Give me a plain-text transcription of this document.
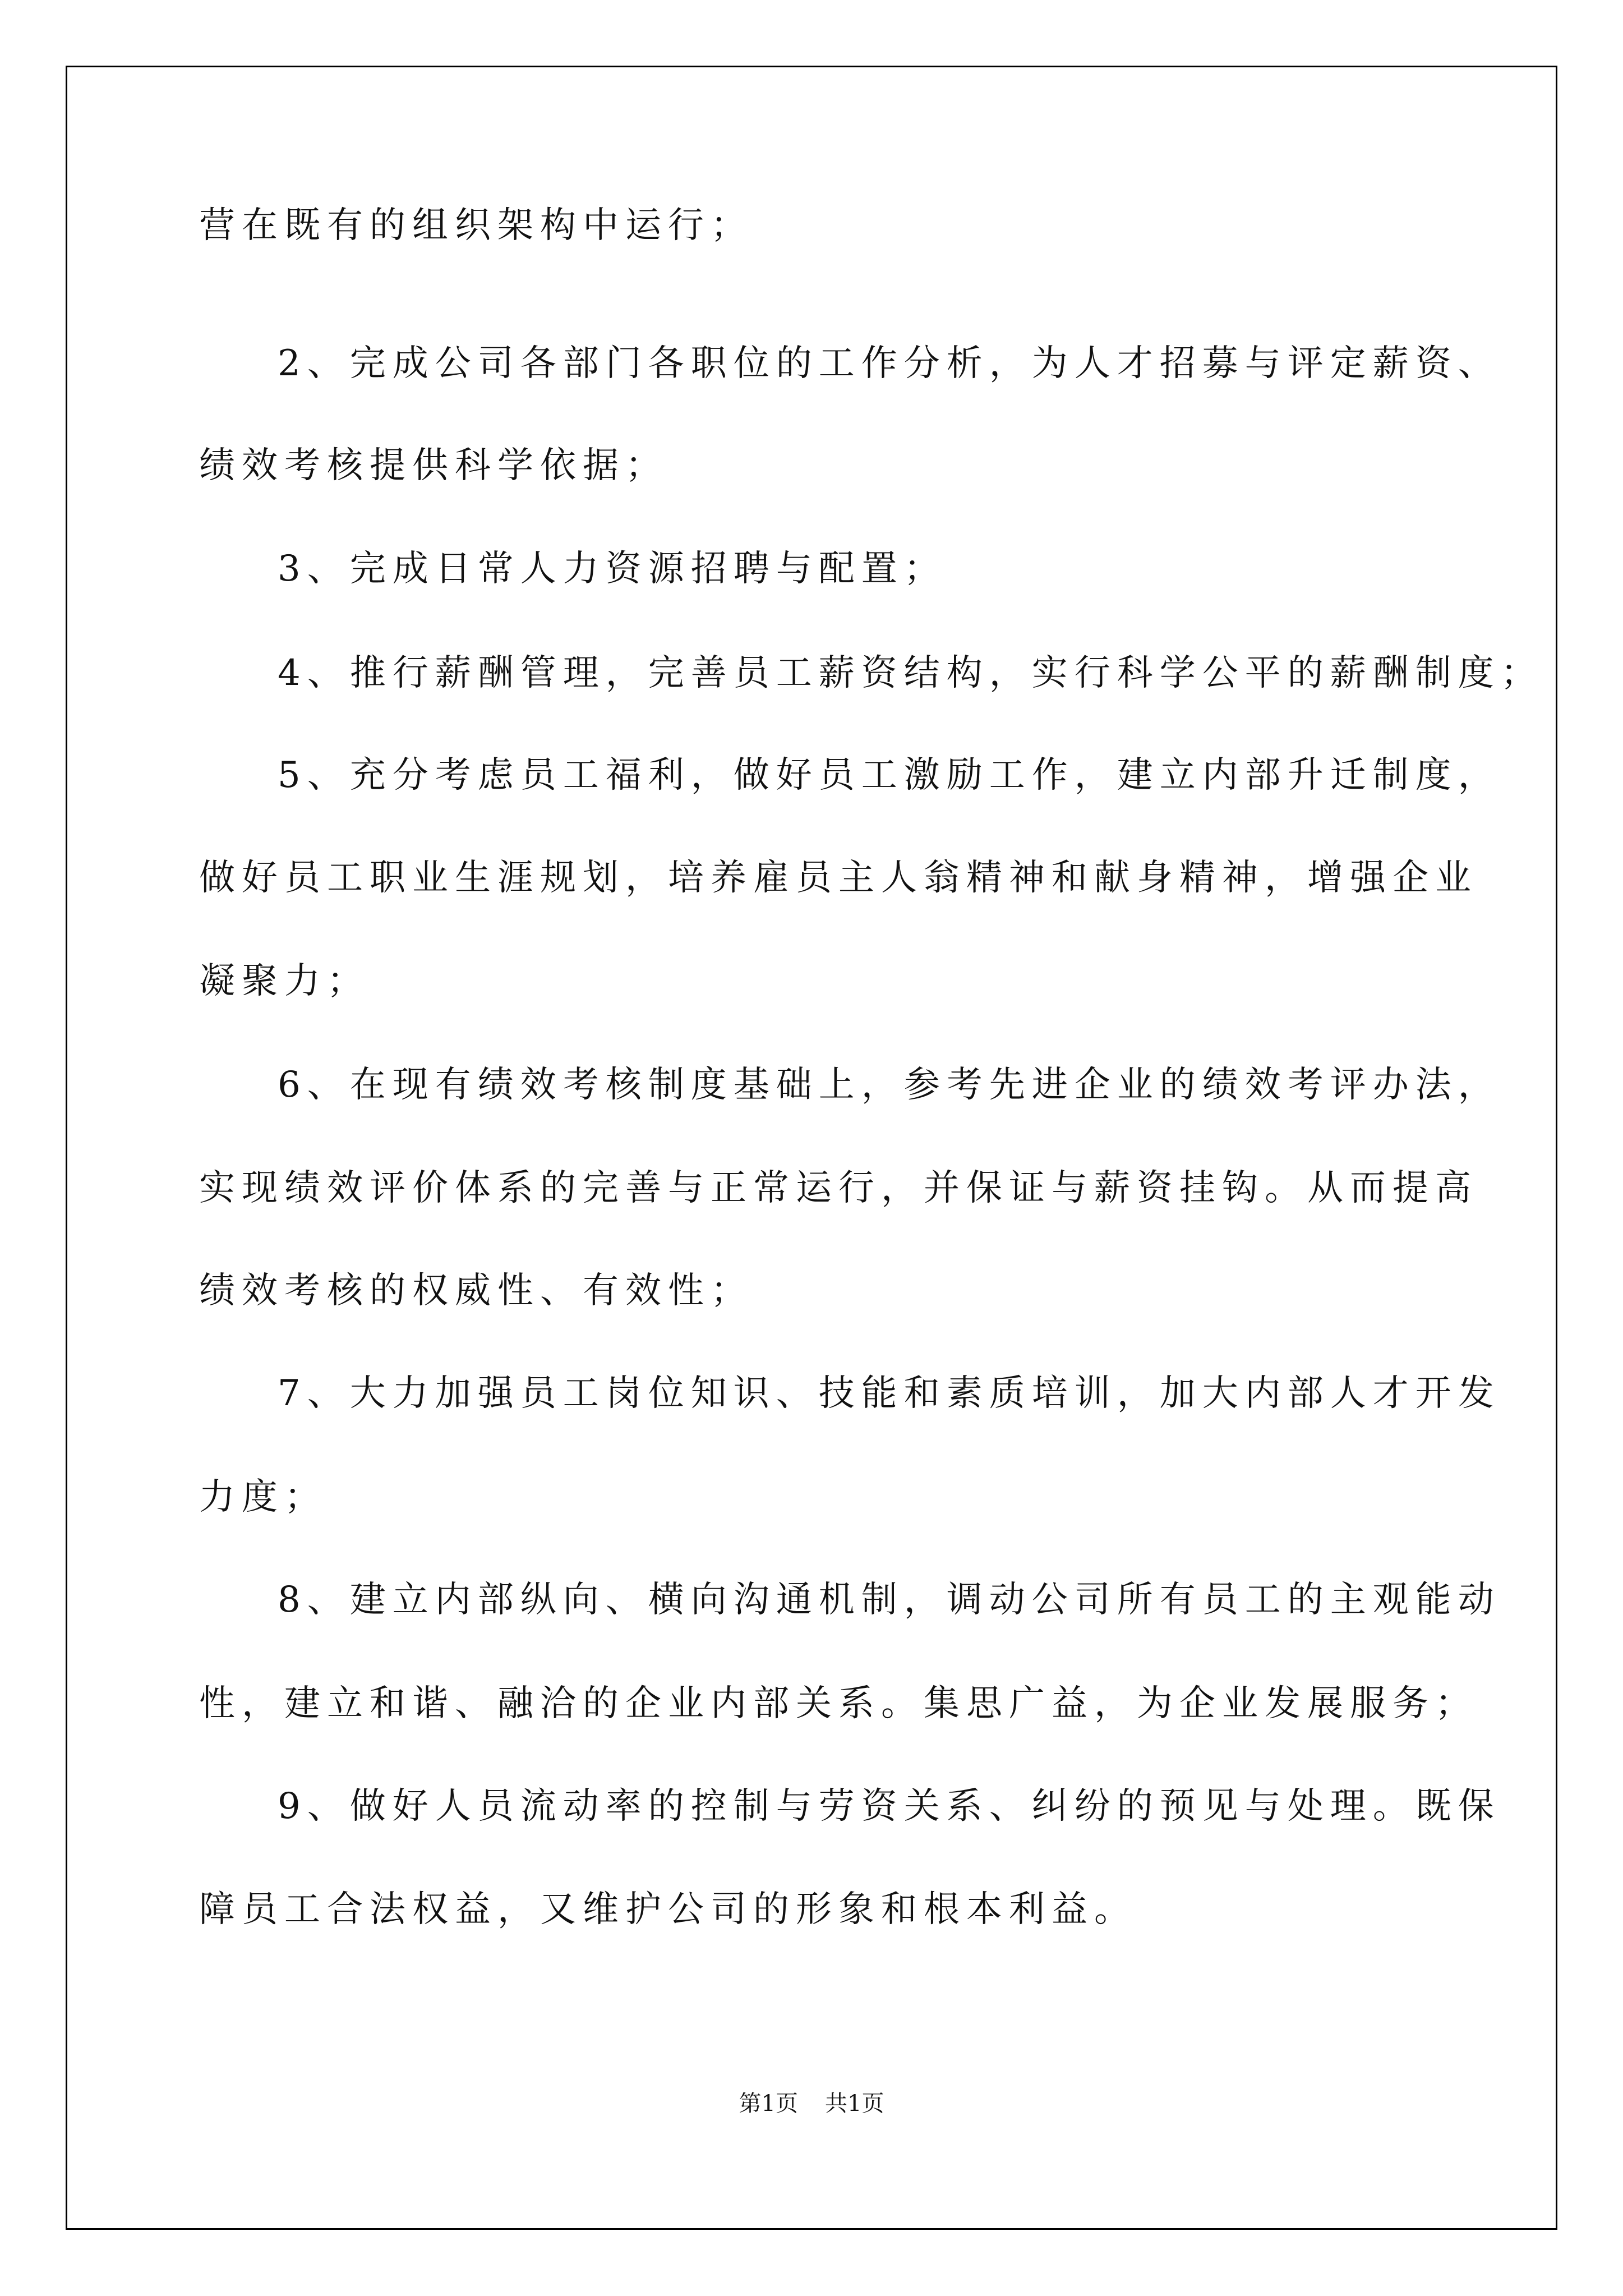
营在既有的组织架构中运行；
2、完成公司各部门各职位的工作分析，为人才招募与评定薪资、
绩效考核提供科学依据；
3、完成日常人力资源招聘与配置；
4、推行薪酬管理，完善员工薪资结构，实行科学公平的薪酬制度；
5、充分考虑员工福利，做好员工激励工作，建立内部升迁制度，
做好员工职业生涯规划，培养雇员主人翁精神和献身精神，增强企业
凝聚力；
6、在现有绩效考核制度基础上，参考先进企业的绩效考评办法，
实现绩效评价体系的完善与正常运行，并保证与薪资挂钩。从而提高
绩效考核的权威性、有效性；
7、大力加强员工岗位知识、技能和素质培训，加大内部人才开发
力度；
8、建立内部纵向、横向沟通机制，调动公司所有员工的主观能动
性，建立和谐、融洽的企业内部关系。集思广益，为企业发展服务；
9、做好人员流动率的控制与劳资关系、纠纷的预见与处理。既保
障员工合法权益，又维护公司的形象和根本利益。
第1页 共1页
